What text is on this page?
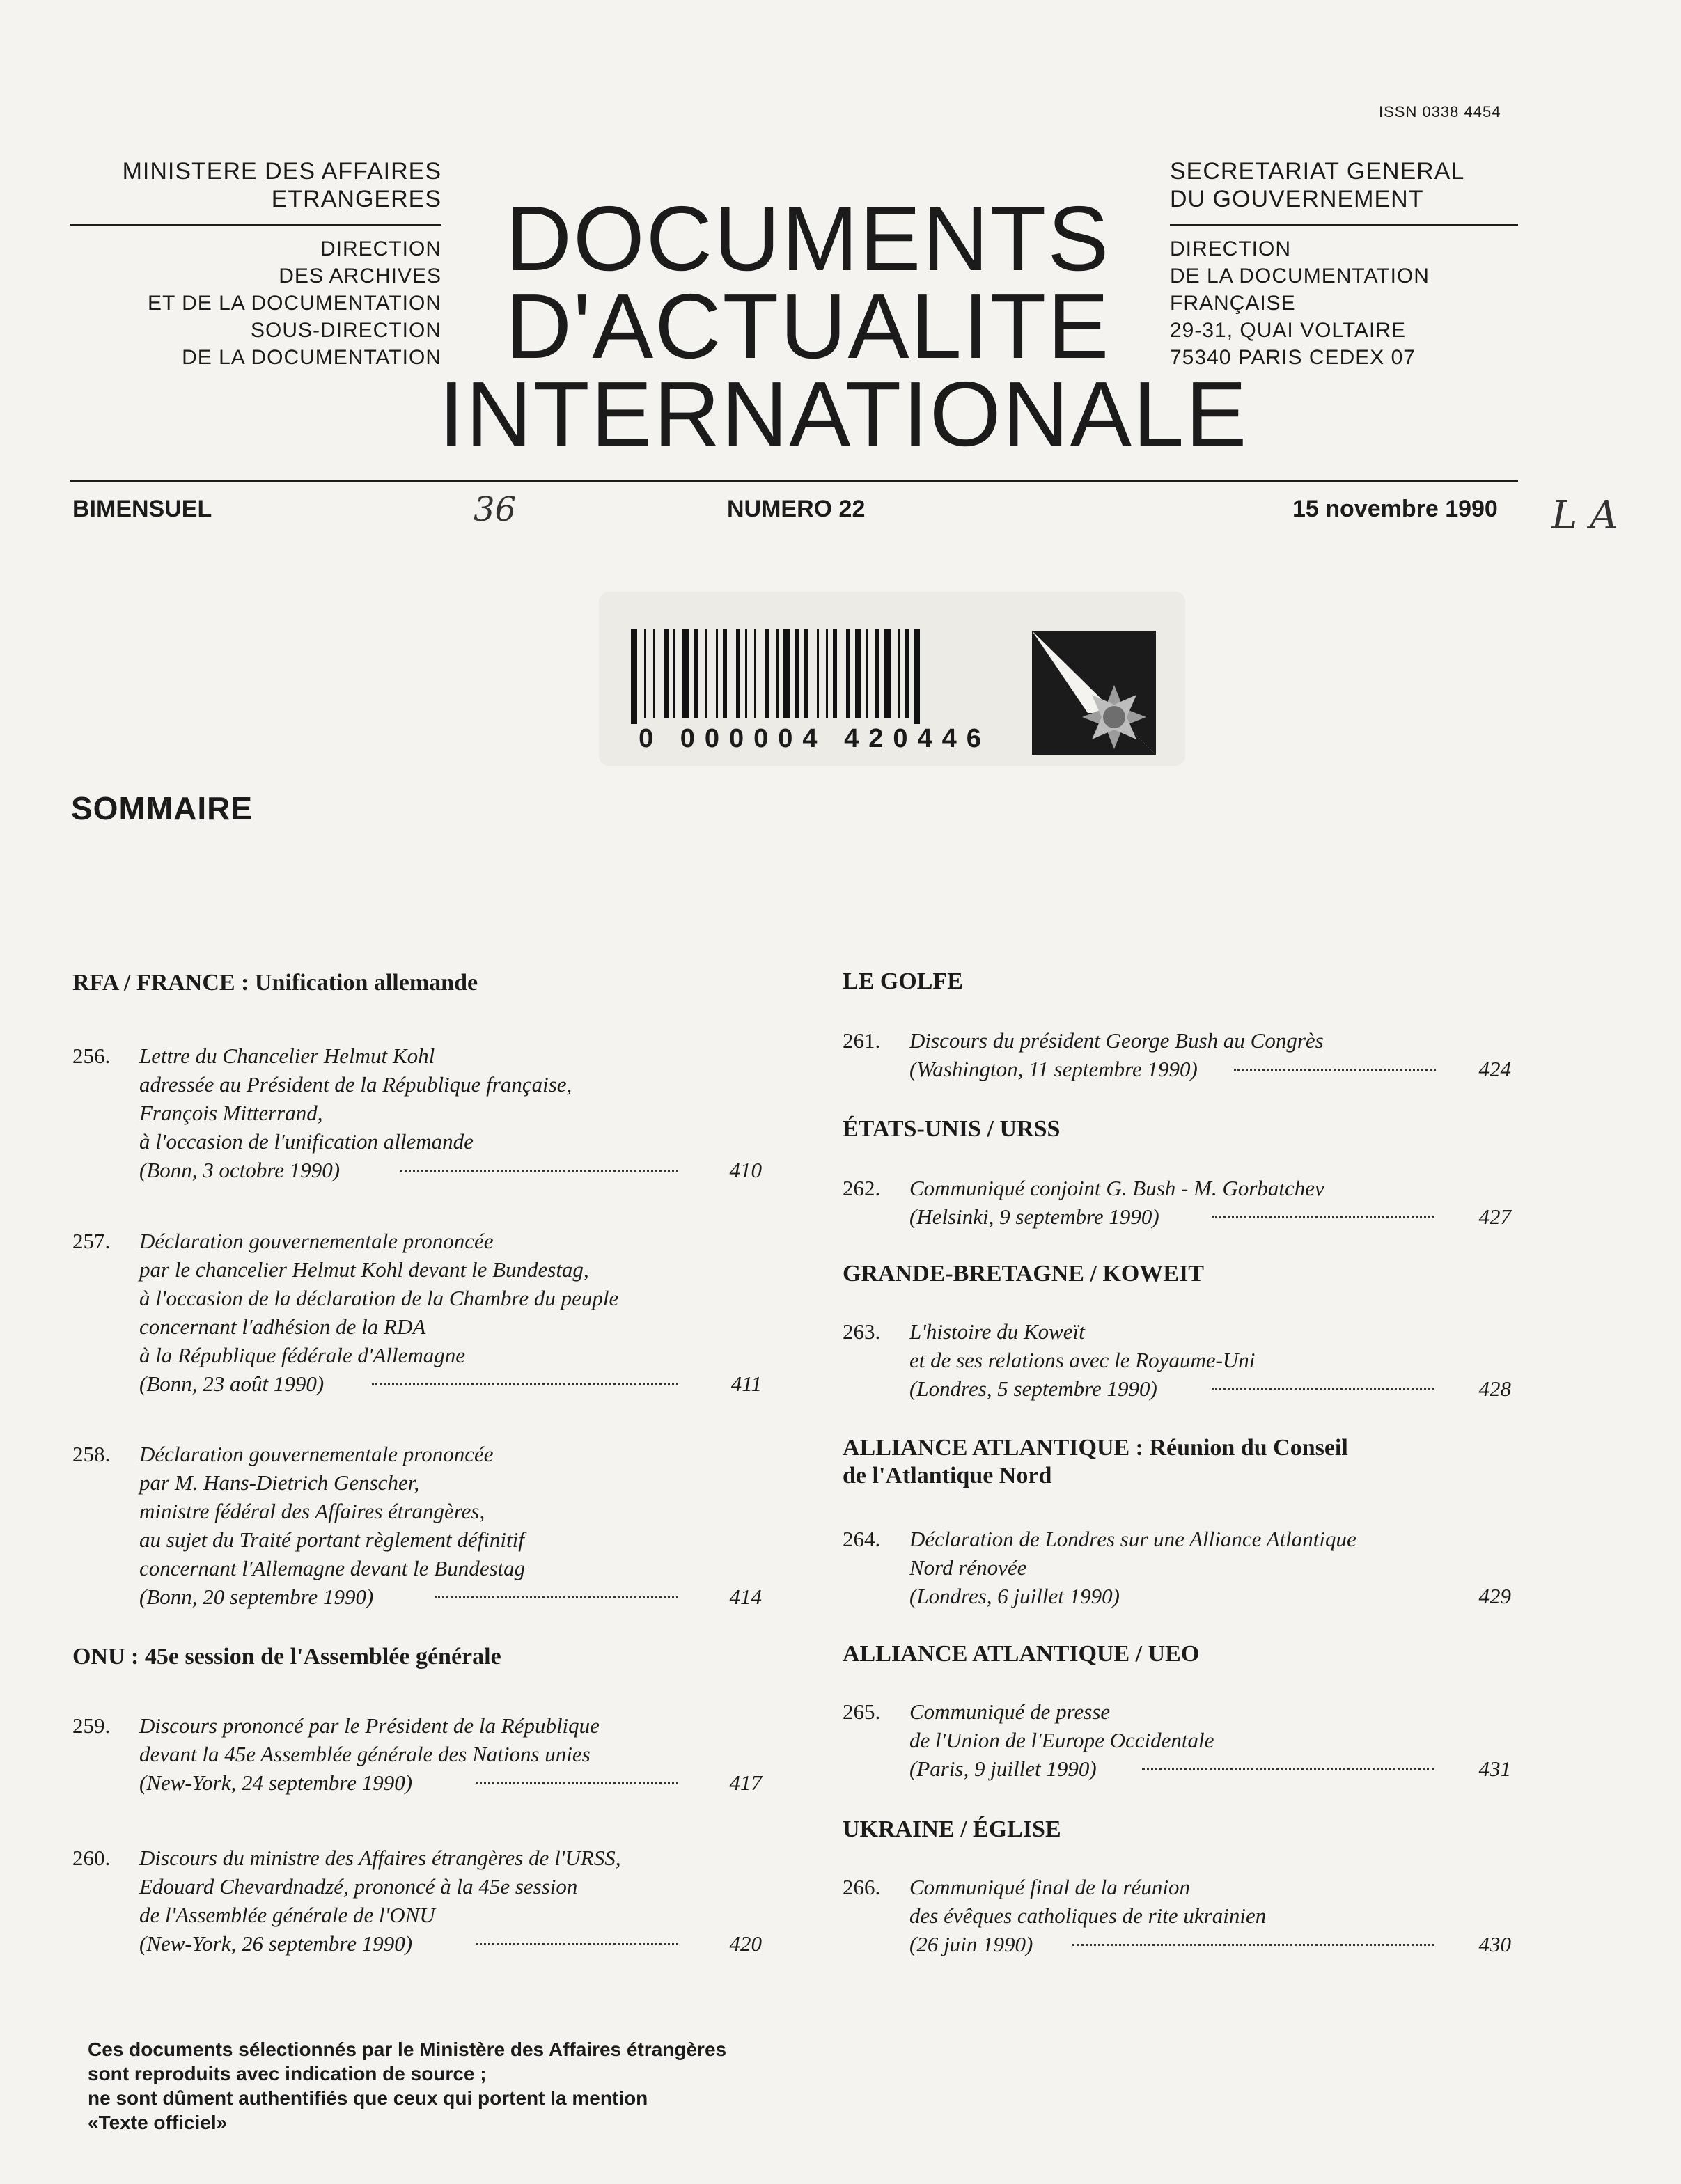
ISSN 0338 4454
MINISTERE DES AFFAIRES
ETRANGERES
DIRECTION
DES ARCHIVES
ET DE LA DOCUMENTATION
SOUS-DIRECTION
DE LA DOCUMENTATION
SECRETARIAT GENERAL
DU GOUVERNEMENT
DIRECTION
DE LA DOCUMENTATION
FRANÇAISE
29-31, QUAI VOLTAIRE
75340 PARIS CEDEX 07
DOCUMENTS
D'ACTUALITE
INTERNATIONALE
BIMENSUEL	36	NUMERO 22	15 novembre 1990 L A
0 000004 420446
SOMMAIRE
RFA / FRANCE : Unification allemande
256. Lettre du Chancelier Helmut Kohl
adressée au Président de la République française,
François Mitterrand,
à l'occasion de l'unification allemande
(Bonn, 3 octobre 1990)	410
257. Déclaration gouvernementale prononcée
par le chancelier Helmut Kohl devant le Bundestag,
à l'occasion de la déclaration de la Chambre du peuple
concernant l'adhésion de la RDA
à la République fédérale d'Allemagne
(Bonn, 23 août 1990)	411
258. Déclaration gouvernementale prononcée
par M. Hans-Dietrich Genscher,
ministre fédéral des Affaires étrangères,
au sujet du Traité portant règlement définitif
concernant l'Allemagne devant le Bundestag
(Bonn, 20 septembre 1990)	414
ONU : 45e session de l'Assemblée générale
259. Discours prononcé par le Président de la République
devant la 45e Assemblée générale des Nations unies
(New-York, 24 septembre 1990)	417
260. Discours du ministre des Affaires étrangères de l'URSS,
Edouard Chevardnadzé, prononcé à la 45e session
de l'Assemblée générale de l'ONU
(New-York, 26 septembre 1990)	420
LE GOLFE
261. Discours du président George Bush au Congrès
(Washington, 11 septembre 1990)	424
ÉTATS-UNIS / URSS
262. Communiqué conjoint G. Bush - M. Gorbatchev
(Helsinki, 9 septembre 1990)	427
GRANDE-BRETAGNE / KOWEIT
263. L'histoire du Koweït
et de ses relations avec le Royaume-Uni
(Londres, 5 septembre 1990)	428
ALLIANCE ATLANTIQUE : Réunion du Conseil
de l'Atlantique Nord
264. Déclaration de Londres sur une Alliance Atlantique
Nord rénovée
(Londres, 6 juillet 1990)	429
ALLIANCE ATLANTIQUE / UEO
265. Communiqué de presse
de l'Union de l'Europe Occidentale
(Paris, 9 juillet 1990)	431
UKRAINE / ÉGLISE
266. Communiqué final de la réunion
des évêques catholiques de rite ukrainien
(26 juin 1990)	430
Ces documents sélectionnés par le Ministère des Affaires étrangères
sont reproduits avec indication de source ;
ne sont dûment authentifiés que ceux qui portent la mention
«Texte officiel»
